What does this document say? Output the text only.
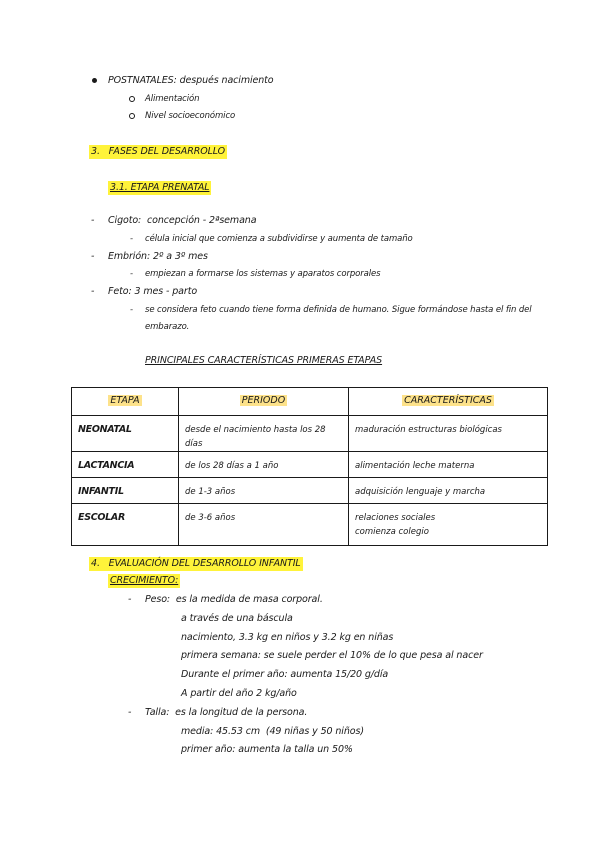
POSTNATALES: después nacimiento
Alimentación
Nivel socioeconómico
3.   FASES DEL DESARROLLO
3.1. ETAPA PRENATAL
- Cigoto:  concepción - 2ªsemana
- célula inicial que comienza a subdividirse y aumenta de tamaño
- Embrión: 2º a 3º mes
- empiezan a formarse los sistemas y aparatos corporales
- Feto: 3 mes - parto
- se considera feto cuando tiene forma definida de humano. Sigue formándose hasta el fin del
embarazo.
PRINCIPALES CARACTERÍSTICAS PRIMERAS ETAPAS
ETAPA	PERIODO	CARACTERÍSTICAS
NEONATAL	desde el nacimiento hasta los 28 días	maduración estructuras biológicas
LACTANCIA	de los 28 días a 1 año	alimentación leche materna
INFANTIL	de 1-3 años	adquisición lenguaje y marcha
ESCOLAR	de 3-6 años	relaciones sociales
comienza colegio
4.   EVALUACIÓN DEL DESARROLLO INFANTIL
CRECIMIENTO:
- Peso:  es la medida de masa corporal.
a través de una báscula
nacimiento, 3.3 kg en niños y 3.2 kg en niñas
primera semana: se suele perder el 10% de lo que pesa al nacer
Durante el primer año: aumenta 15/20 g/día
A partir del año 2 kg/año
- Talla:  es la longitud de la persona.
media: 45.53 cm  (49 niñas y 50 niños)
primer año: aumenta la talla un 50%
